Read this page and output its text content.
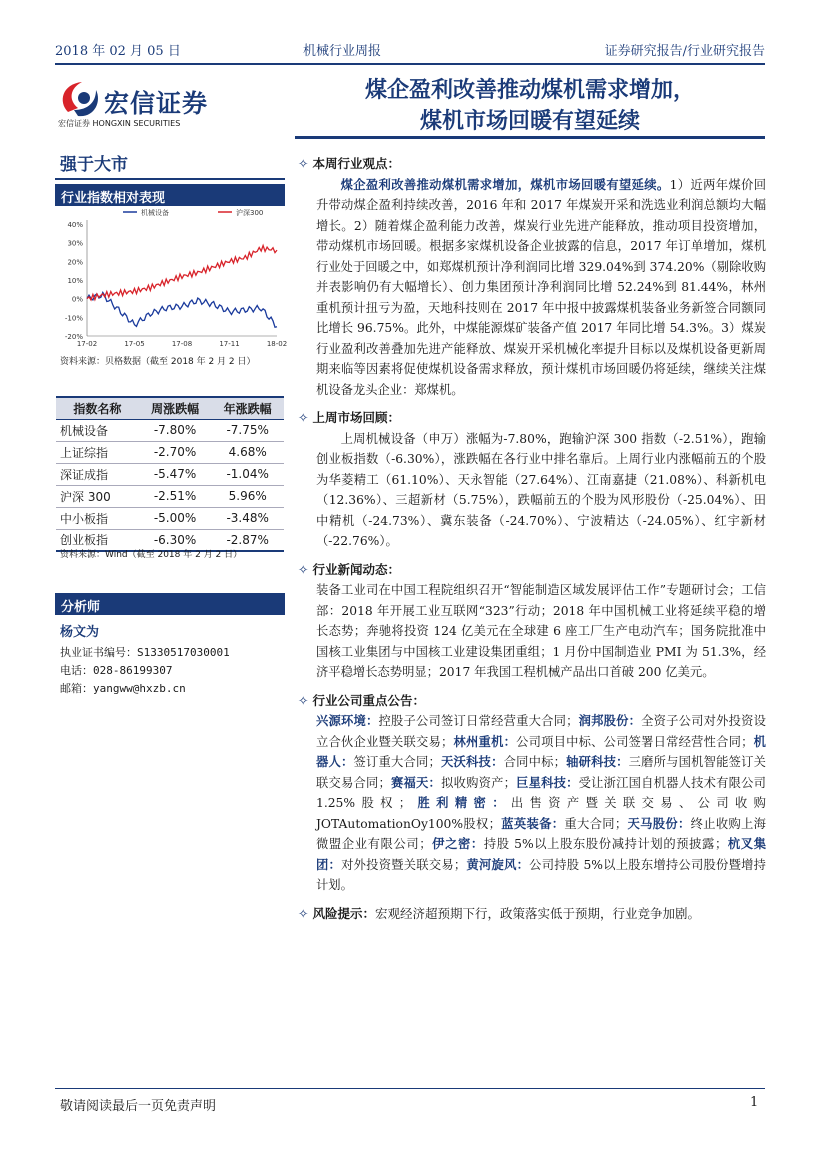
2018 年 02 月 05 日	机械行业周报	证券研究报告/行业研究报告
宏信证券
宏信证券 HONGXIN SECURITIES
煤企盈利改善推动煤机需求增加，
煤机市场回暖有望延续
强于大市
行业指数相对表现
40%
30%
20%
10%
0%
-10%
-20%
17-02	17-05	17-08	17-11	18-02
机械设备	沪深300
资料来源：贝格数据（截至 2018 年 2 月 2 日）
指数名称	周涨跌幅	年涨跌幅
机械设备	-7.80%	-7.75%
上证综指	-2.70%	4.68%
深证成指	-5.47%	-1.04%
沪深 300	-2.51%	5.96%
中小板指	-5.00%	-3.48%
创业板指	-6.30%	-2.87%
资料来源：Wind（截至 2018 年 2 月 2 日）
分析师
杨文为
执业证书编号：S1330517030001
电话：028-86199307
邮箱：yangww@hxzb.cn
✧ 本周行业观点：
煤企盈利改善推动煤机需求增加，煤机市场回暖有望延续。1）近两年煤价回升带动煤企盈利持续改善，2016 年和 2017 年煤炭开采和洗选业利润总额均大幅增长。2）随着煤企盈利能力改善，煤炭行业先进产能释放，推动项目投资增加，带动煤机市场回暖。根据多家煤机设备企业披露的信息，2017 年订单增加，煤机行业处于回暖之中，如郑煤机预计净利润同比增 329.04%到 374.20%（剔除收购并表影响仍有大幅增长）、创力集团预计净利润同比增 52.24%到 81.44%，林州重机预计扭亏为盈，天地科技则在 2017 年中报中披露煤机装备业务新签合同额同比增长 96.75%。此外，中煤能源煤矿装备产值 2017 年同比增 54.3%。3）煤炭行业盈利改善叠加先进产能释放、煤炭开采机械化率提升目标以及煤机设备更新周期来临等因素将促使煤机设备需求释放，预计煤机市场回暖仍将延续，继续关注煤机设备龙头企业：郑煤机。
✧ 上周市场回顾：
上周机械设备（申万）涨幅为-7.80%，跑输沪深 300 指数（-2.51%），跑输创业板指数（-6.30%），涨跌幅在各行业中排名靠后。上周行业内涨幅前五的个股为华菱精工（61.10%）、天永智能（27.64%）、江南嘉捷（21.08%）、科新机电（12.36%）、三超新材（5.75%），跌幅前五的个股为风形股份（-25.04%）、田中精机（-24.73%）、冀东装备（-24.70%）、宁波精达（-24.05%）、红宇新材（-22.76%）。
✧ 行业新闻动态：
装备工业司在中国工程院组织召开“智能制造区域发展评估工作”专题研讨会；工信部：2018 年开展工业互联网“323”行动；2018 年中国机械工业将延续平稳的增长态势；奔驰将投资 124 亿美元在全球建 6 座工厂生产电动汽车；国务院批准中国核工业集团与中国核工业建设集团重组；1 月份中国制造业 PMI 为 51.3%，经济平稳增长态势明显；2017 年我国工程机械产品出口首破 200 亿美元。
✧ 行业公司重点公告：
兴源环境：控股子公司签订日常经营重大合同；润邦股份：全资子公司对外投资设立合伙企业暨关联交易；林州重机：公司项目中标、公司签署日常经营性合同；机器人：签订重大合同；天沃科技：合同中标；轴研科技：三磨所与国机智能签订关联交易合同；赛福天：拟收购资产；巨星科技：受让浙江国自机器人技术有限公司 1.25%股权；胜利精密：出售资产暨关联交易、公司收购 JOTAutomationOy100%股权；蓝英装备：重大合同；天马股份：终止收购上海微盟企业有限公司；伊之密：持股 5%以上股东股份减持计划的预披露；杭叉集团：对外投资暨关联交易；黄河旋风：公司持股 5%以上股东增持公司股份暨增持计划。
✧ 风险提示：宏观经济超预期下行，政策落实低于预期，行业竞争加剧。
敬请阅读最后一页免责声明	1
